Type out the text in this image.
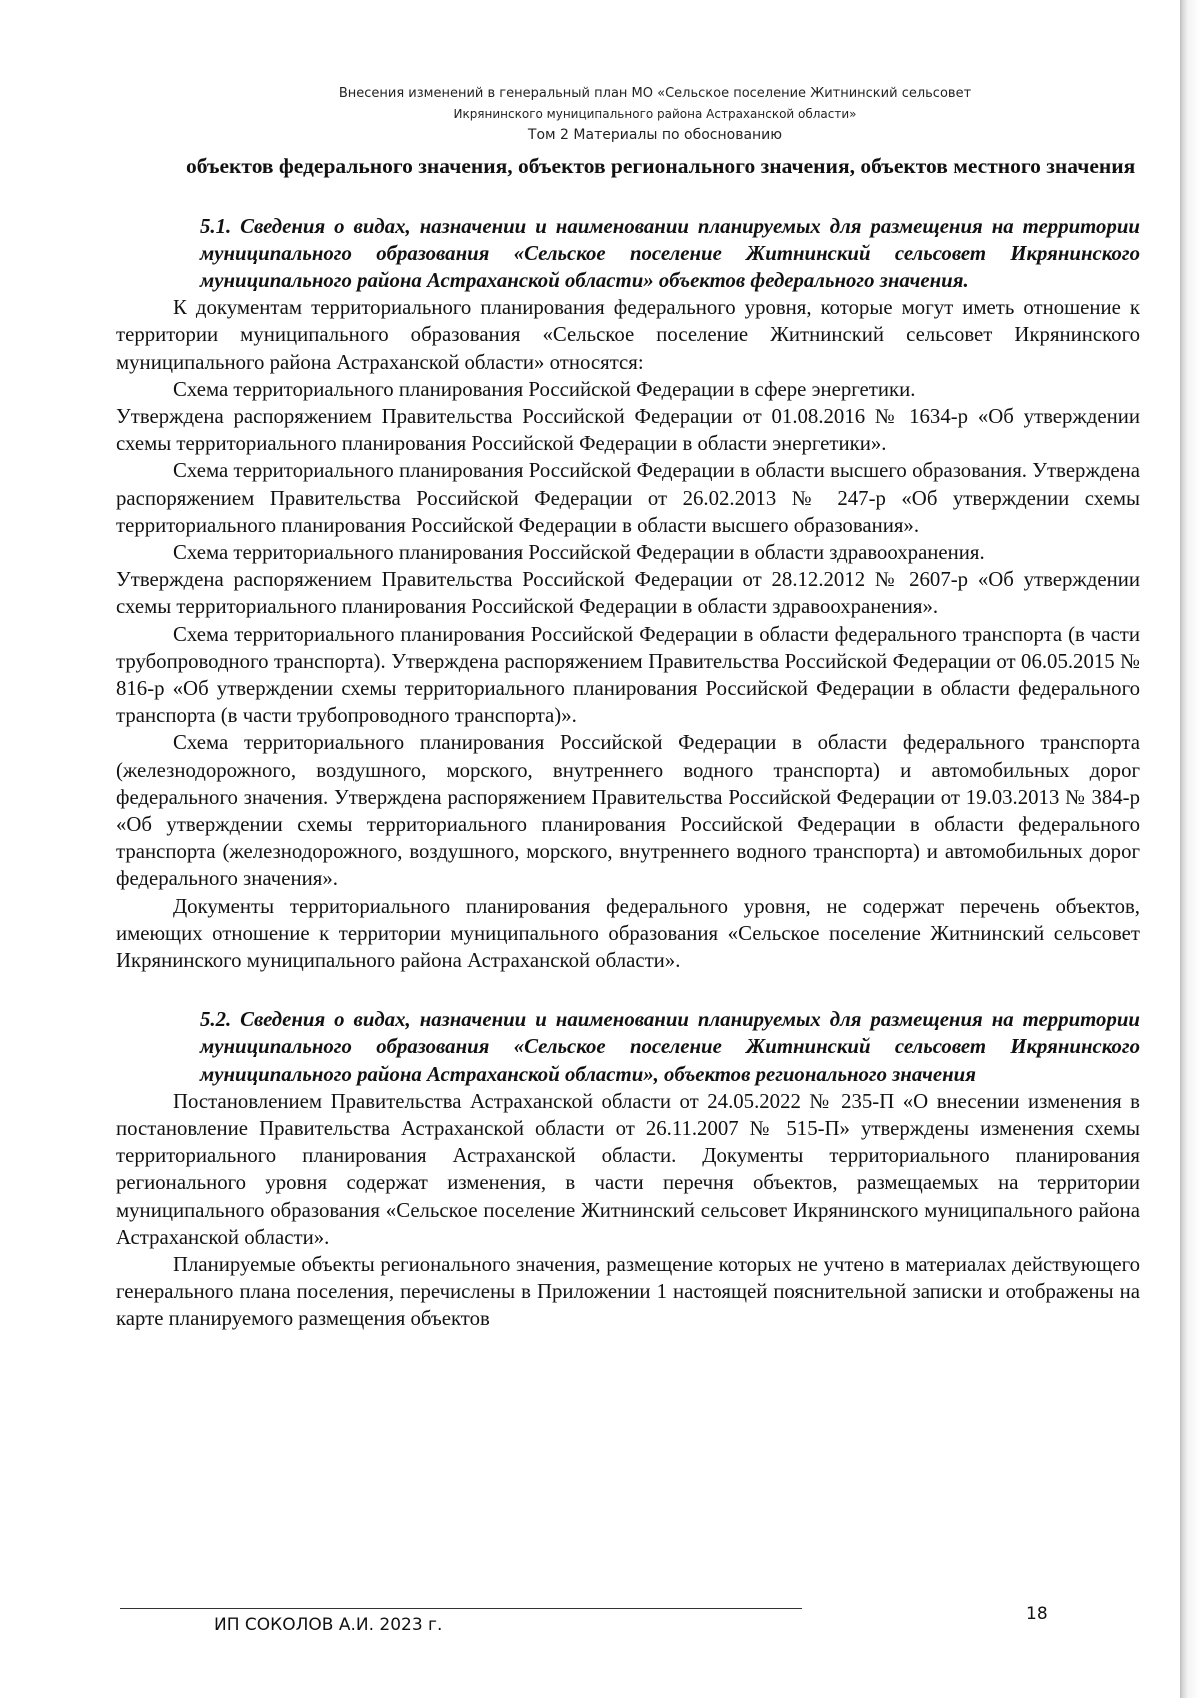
Внесения изменений в генеральный план МО «Сельское поселение Житнинский сельсовет
Икрянинского муниципального района Астраханской области»
Том 2 Материалы по обоснованию

объектов федерального значения, объектов регионального значения, объектов местного значения

5.1. Сведения о видах, назначении и наименовании планируемых для размещения на территории муниципального образования «Сельское поселение Житнинский сельсовет Икрянинского муниципального района Астраханской области» объектов федерального значения.

К документам территориального планирования федерального уровня, которые могут иметь отношение к территории муниципального образования «Сельское поселение Житнинский сельсовет Икрянинского муниципального района Астраханской области» относятся:

Схема территориального планирования Российской Федерации в сфере энергетики.

Утверждена распоряжением Правительства Российской Федерации от 01.08.2016 № 1634-р «Об утверждении схемы территориального планирования Российской Федерации в области энергетики».

Схема территориального планирования Российской Федерации в области высшего образования. Утверждена распоряжением Правительства Российской Федерации от 26.02.2013 № 247-р «Об утверждении схемы территориального планирования Российской Федерации в области высшего образования».

Схема территориального планирования Российской Федерации в области здравоохранения.

Утверждена распоряжением Правительства Российской Федерации от 28.12.2012 № 2607-р «Об утверждении схемы территориального планирования Российской Федерации в области здравоохранения».

Схема территориального планирования Российской Федерации в области федерального транспорта (в части трубопроводного транспорта). Утверждена распоряжением Правительства Российской Федерации от 06.05.2015 № 816-р «Об утверждении схемы территориального планирования Российской Федерации в области федерального транспорта (в части трубопроводного транспорта)».

Схема территориального планирования Российской Федерации в области федерального транспорта (железнодорожного, воздушного, морского, внутреннего водного транспорта) и автомобильных дорог федерального значения. Утверждена распоряжением Правительства Российской Федерации от 19.03.2013 № 384-р «Об утверждении схемы территориального планирования Российской Федерации в области федерального транспорта (железнодорожного, воздушного, морского, внутреннего водного транспорта) и автомобильных дорог федерального значения».

Документы территориального планирования федерального уровня, не содержат перечень объектов, имеющих отношение к территории муниципального образования «Сельское поселение Житнинский сельсовет Икрянинского муниципального района Астраханской области».

5.2. Сведения о видах, назначении и наименовании планируемых для размещения на территории муниципального образования «Сельское поселение Житнинский сельсовет Икрянинского муниципального района Астраханской области», объектов регионального значения

Постановлением Правительства Астраханской области от 24.05.2022 № 235-П «О внесении изменения в постановление Правительства Астраханской области от 26.11.2007 № 515-П» утверждены изменения схемы территориального планирования Астраханской области. Документы территориального планирования регионального уровня содержат изменения, в части перечня объектов, размещаемых на территории муниципального образования «Сельское поселение Житнинский сельсовет Икрянинского муниципального района Астраханской области».

Планируемые объекты регионального значения, размещение которых не учтено в материалах действующего генерального плана поселения, перечислены в Приложении 1 настоящей пояснительной записки и отображены на карте планируемого размещения объектов

ИП СОКОЛОВ А.И. 2023 г.
18
